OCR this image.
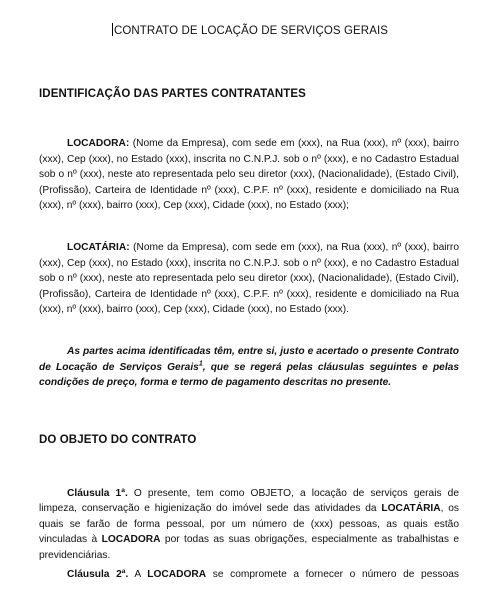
CONTRATO DE LOCAÇÃO DE SERVIÇOS GERAIS
IDENTIFICAÇÃO DAS PARTES CONTRATANTES

LOCADORA: (Nome da Empresa), com sede em (xxx), na Rua (xxx), nº (xxx), bairro (xxx), Cep (xxx), no Estado (xxx), inscrita no C.N.P.J. sob o nº (xxx), e no Cadastro Estadual sob o nº (xxx), neste ato representada pelo seu diretor (xxx), (Nacionalidade), (Estado Civil), (Profissão), Carteira de Identidade nº (xxx), C.P.F. nº (xxx), residente e domiciliado na Rua (xxx), nº (xxx), bairro (xxx), Cep (xxx), Cidade (xxx), no Estado (xxx);

LOCATÁRIA: (Nome da Empresa), com sede em (xxx), na Rua (xxx), nº (xxx), bairro (xxx), Cep (xxx), no Estado (xxx), inscrita no C.N.P.J. sob o nº (xxx), e no Cadastro Estadual sob o nº (xxx), neste ato representada pelo seu diretor (xxx), (Nacionalidade), (Estado Civil), (Profissão), Carteira de Identidade nº (xxx), C.P.F. nº (xxx), residente e domiciliado na Rua (xxx), nº (xxx), bairro (xxx), Cep (xxx), Cidade (xxx), no Estado (xxx).

As partes acima identificadas têm, entre si, justo e acertado o presente Contrato de Locação de Serviços Gerais$^1$, que se regerá pelas cláusulas seguintes e pelas condições de preço, forma e termo de pagamento descritas no presente.

DO OBJETO DO CONTRATO

Cláusula 1ª. O presente, tem como OBJETO, a locação de serviços gerais de limpeza, conservação e higienização do imóvel sede das atividades da LOCATÁRIA, os quais se farão de forma pessoal, por um número de (xxx) pessoas, as quais estão vinculadas à LOCADORA por todas as suas obrigações, especialmente as trabalhistas e previdenciárias.

Cláusula 2ª. A LOCADORA se compromete a fornecer o número de pessoas
